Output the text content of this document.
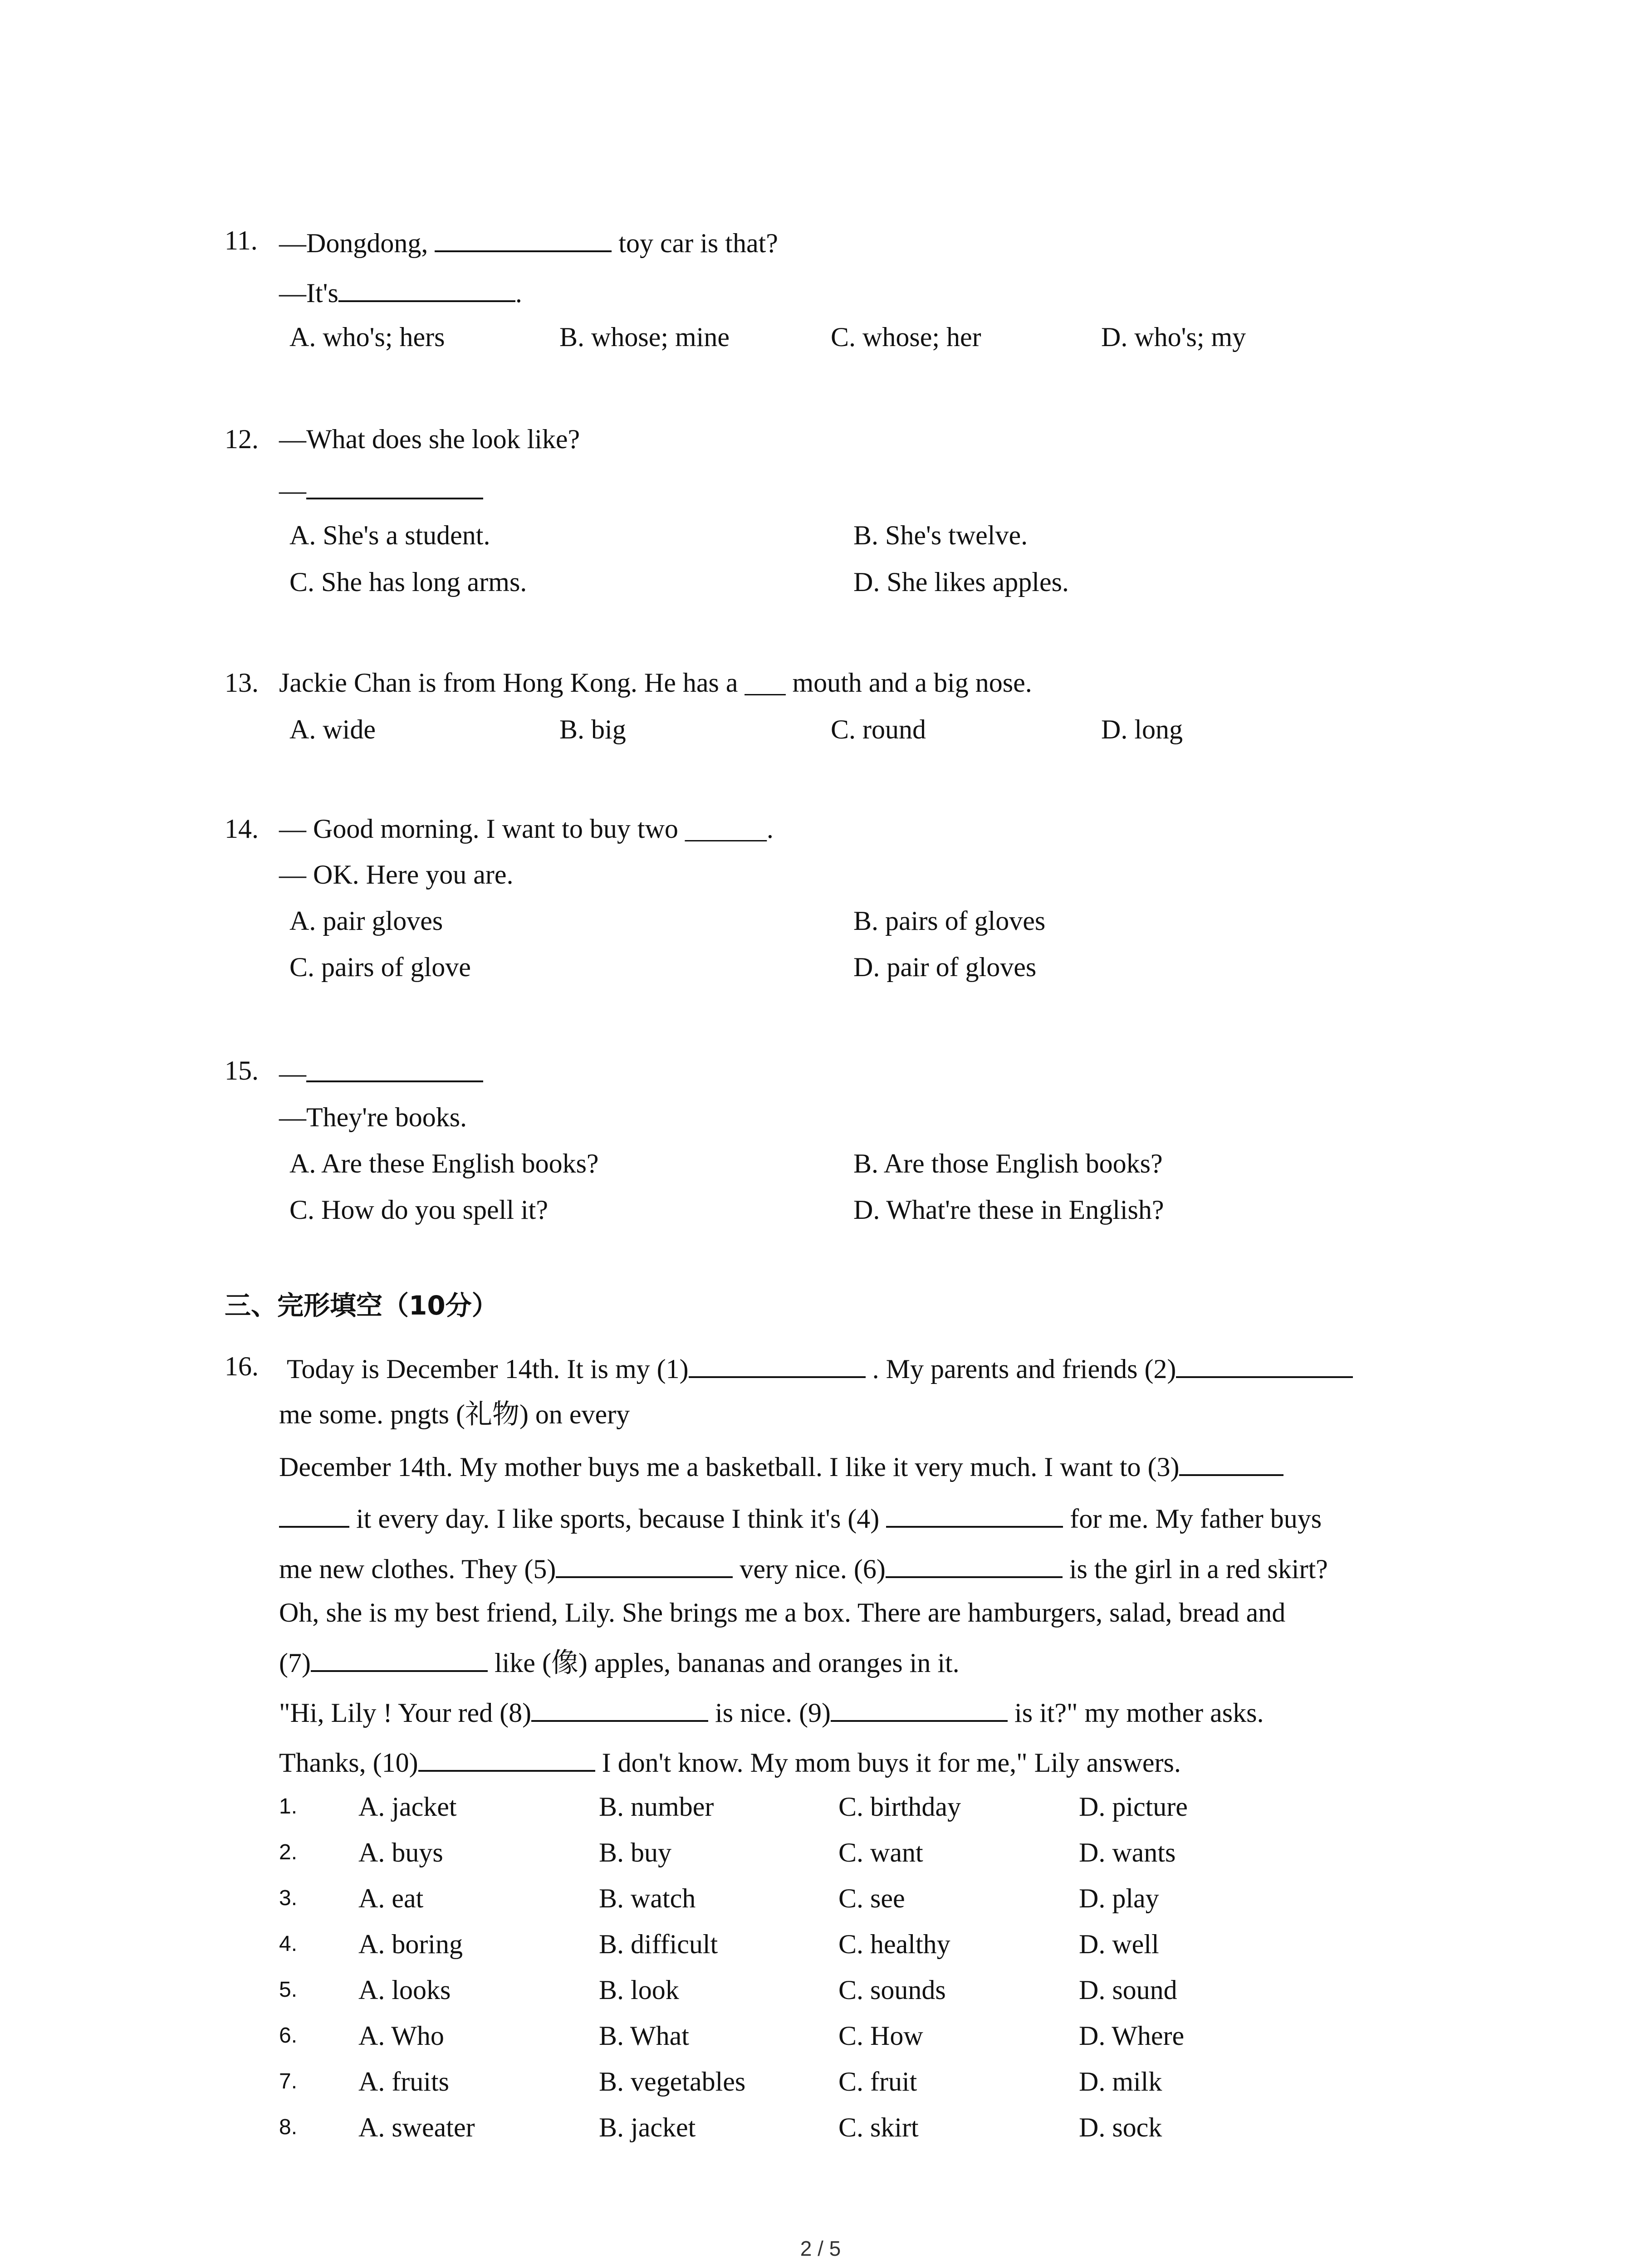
11. —Dongdong,	toy car is that?
—It's	.
A. who's; hers	B. whose; mine	C. whose; her	D. who's; my
12. —What does she look like?
—
A. She's a student.	B. She's twelve.
C. She has long arms.	D. She likes apples.
13. Jackie Chan is from Hong Kong. He has a ___ mouth and a big nose.
A. wide	B. big	C. round	D. long
14. — Good morning. I want to buy two ______.
— OK. Here you are.
A. pair gloves	B. pairs of gloves
C. pairs of glove	D. pair of gloves
15. —
—They're books.
A. Are these English books?	B. Are those English books?
C. How do you spell it?	D. What're these in English?
三、完形填空（10分）
16. Today is December 14th. It is my (1)	. My parents and friends (2)
me some. pngts (礼物) on every
December 14th. My mother buys me a basketball. I like it very much. I want to (3)
it every day. I like sports, because I think it's (4)	for me. My father buys
me new clothes. They (5)	very nice. (6)	is the girl in a red skirt?
Oh, she is my best friend, Lily. She brings me a box. There are hamburgers, salad, bread and
(7)	like (像) apples, bananas and oranges in it.
"Hi, Lily ! Your red (8)	is nice. (9)	is it?" my mother asks.
Thanks, (10)	I don't know. My mom buys it for me," Lily answers.
1. A. jacket	B. number	C. birthday	D. picture
2. A. buys	B. buy	C. want	D. wants
3. A. eat	B. watch	C. see	D. play
4. A. boring	B. difficult	C. healthy	D. well
5. A. looks	B. look	C. sounds	D. sound
6. A. Who	B. What	C. How	D. Where
7. A. fruits	B. vegetables	C. fruit	D. milk
8. A. sweater	B. jacket	C. skirt	D. sock
2 / 5
